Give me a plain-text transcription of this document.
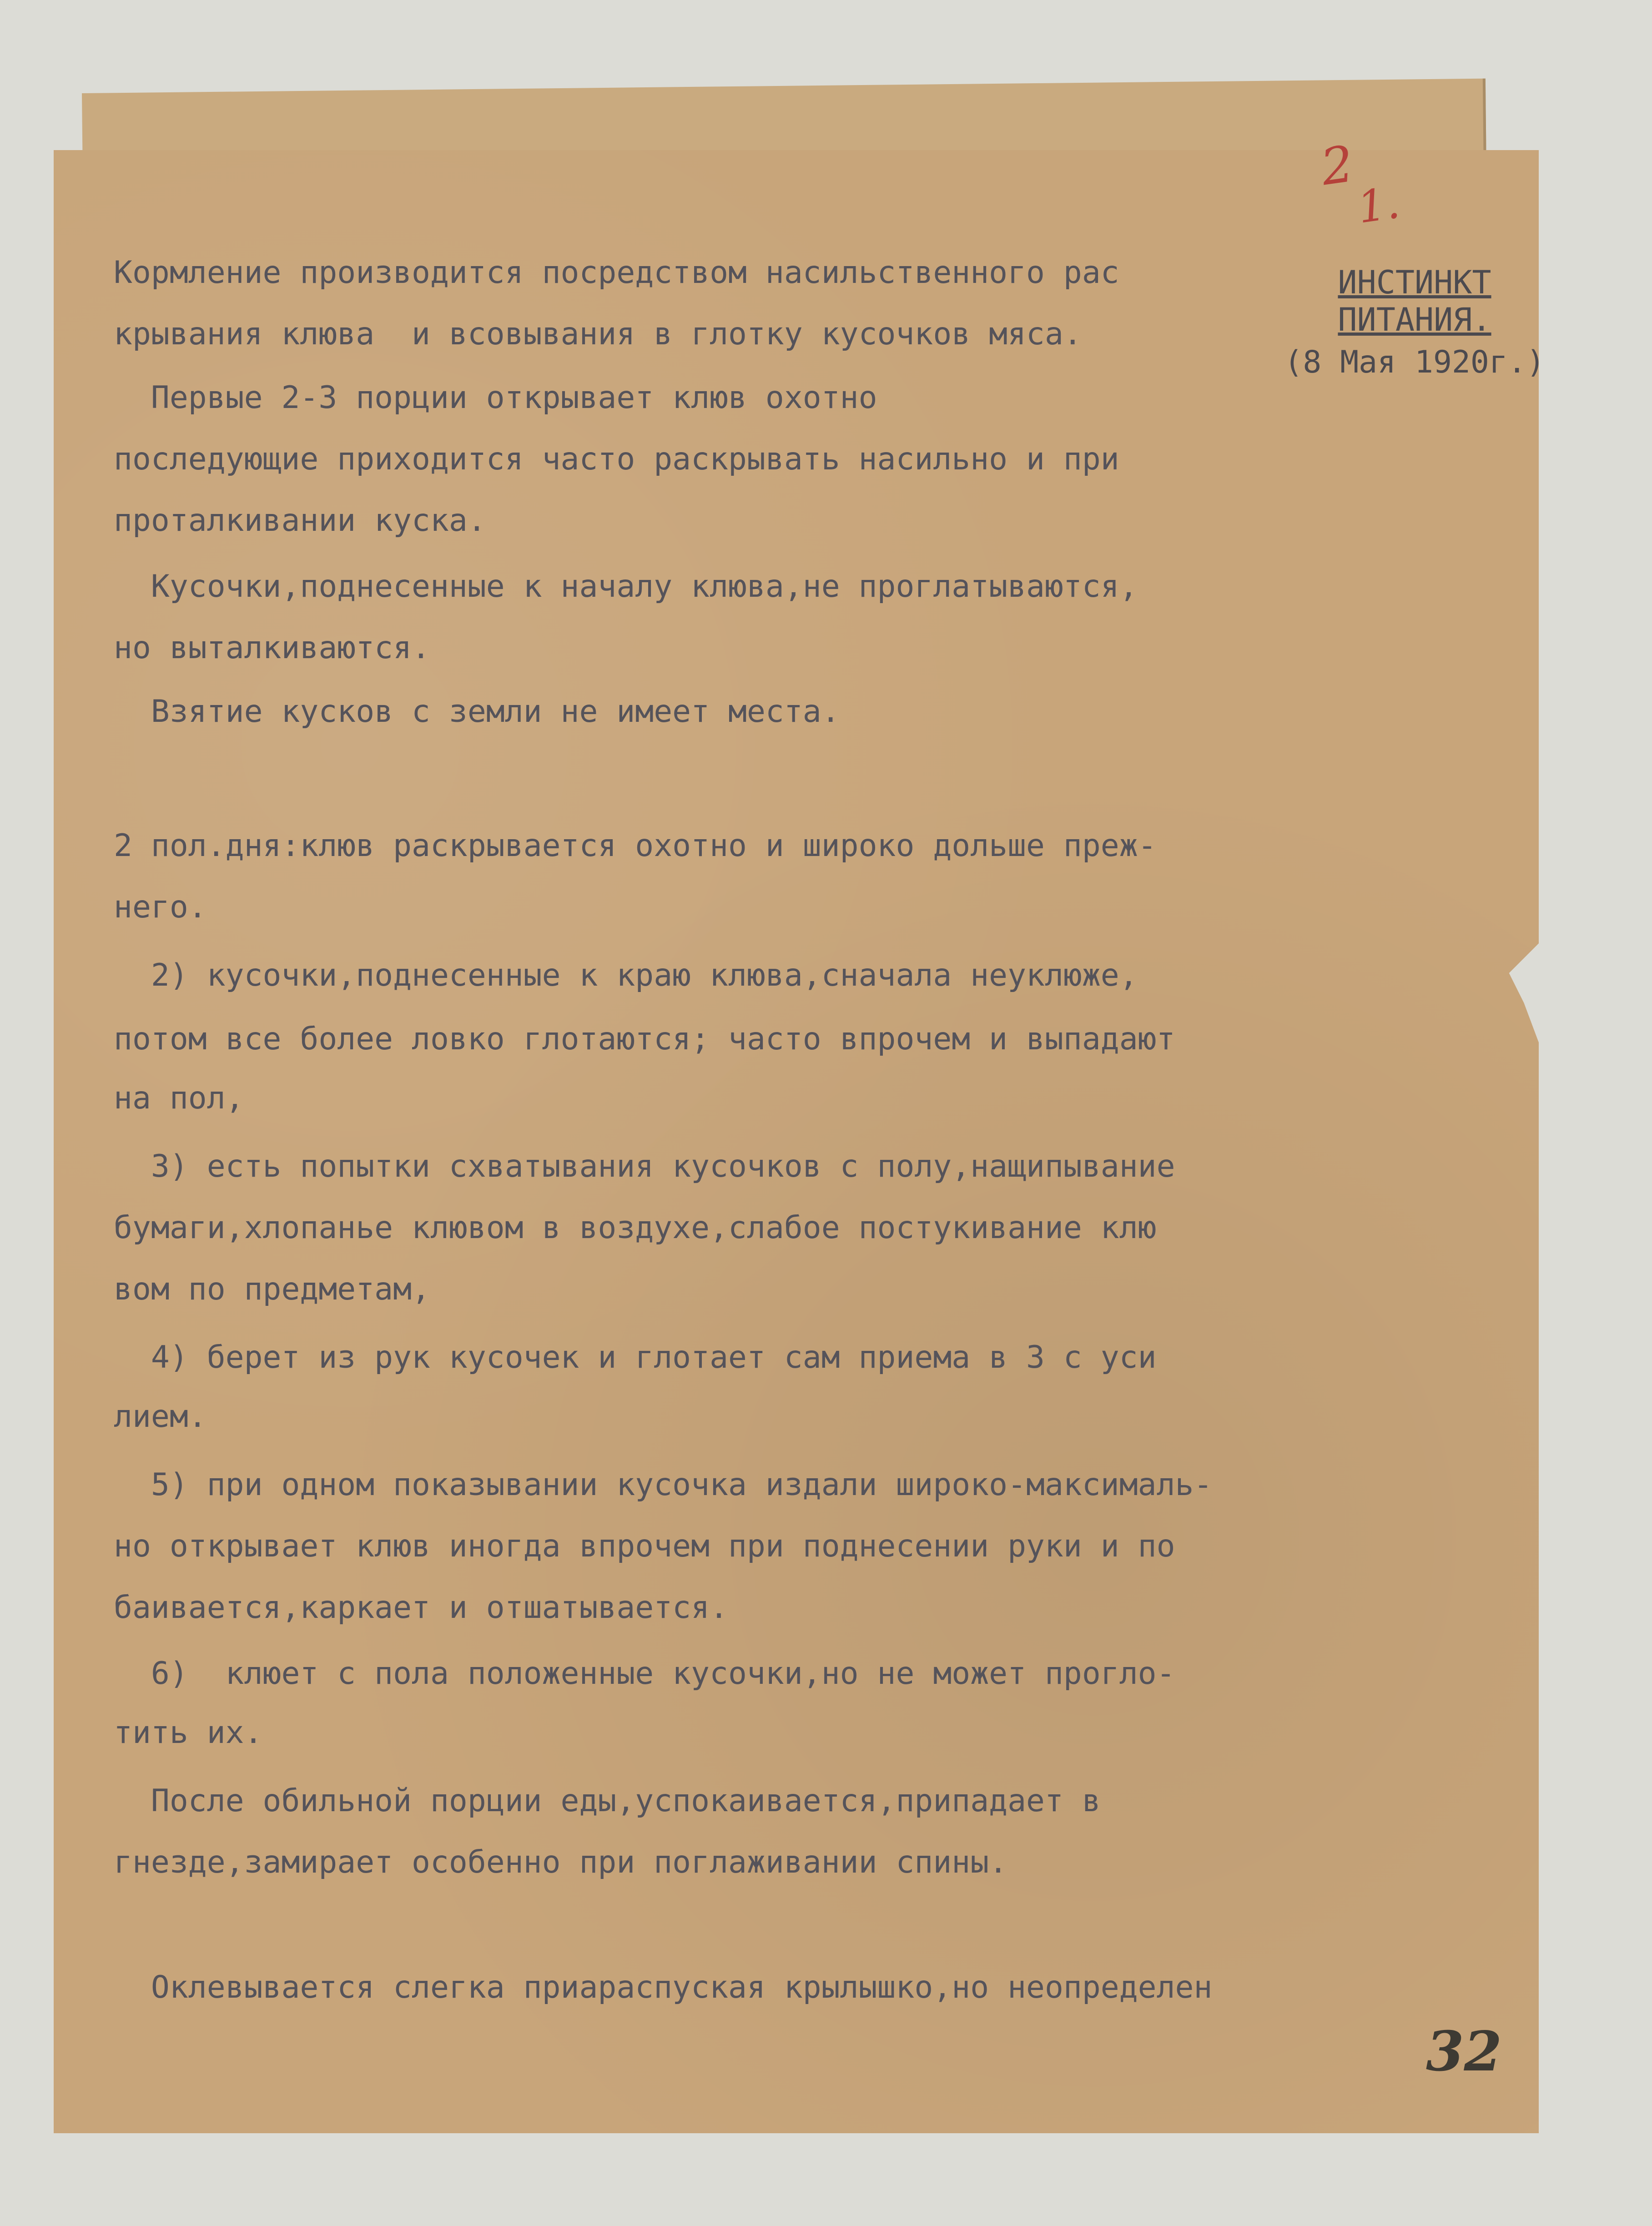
2
1.
ИНСТИНКТ
ПИТАНИЯ.
(8 Мая 1920г.)
Кормление производится посредством насильственного рас
крывания клюва  и всовывания в глотку кусочков мяса.
Первые 2-3 порции открывает клюв охотно
последующие приходится часто раскрывать насильно и при
проталкивании куска.
Кусочки,поднесенные к началу клюва,не проглатываются,
но выталкиваются.
Взятие кусков с земли не имеет места.
2 пол.дня:клюв раскрывается охотно и широко дольше преж-
него.
2) кусочки,поднесенные к краю клюва,сначала неуклюже,
потом все более ловко глотаются; часто впрочем и выпадают
на пол,
3) есть попытки схватывания кусочков с полу,нащипывание
бумаги,хлопанье клювом в воздухе,слабое постукивание клю
вом по предметам,
4) берет из рук кусочек и глотает сам приема в 3 с уси
лием.
5) при одном показывании кусочка издали широко-максималь-
но открывает клюв иногда впрочем при поднесении руки и по
баивается,каркает и отшатывается.
6)  клюет с пола положенные кусочки,но не может прогло-
тить их.
После обильной порции еды,успокаивается,припадает в
гнезде,замирает особенно при поглаживании спины.
Оклевывается слегка приараспуская крылышко,но неопределен
32
